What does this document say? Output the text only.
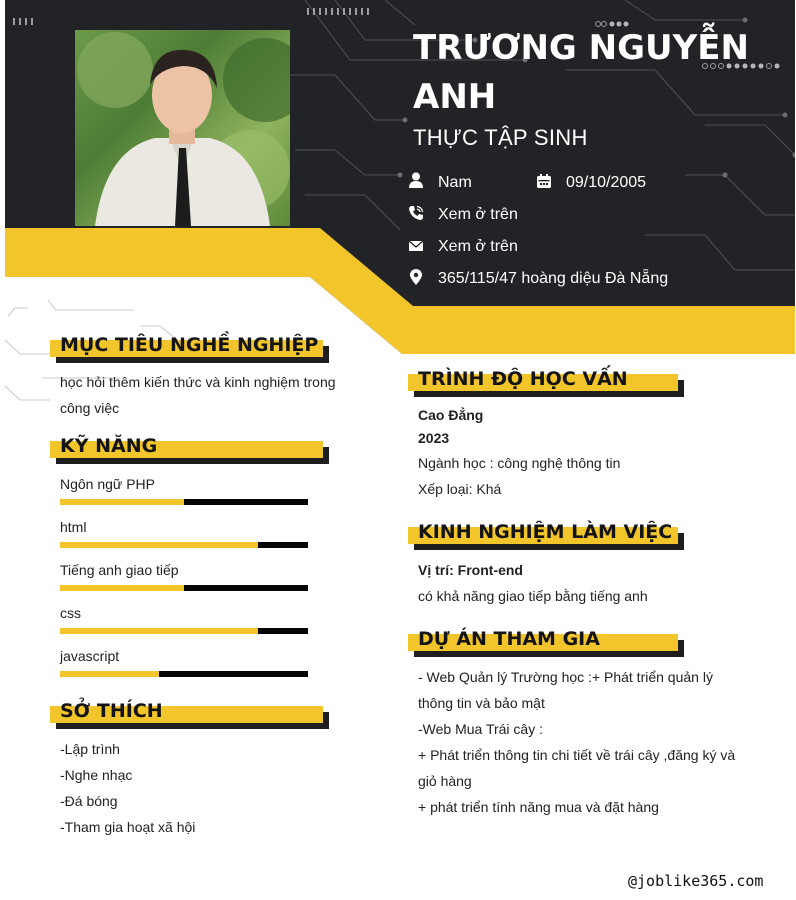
TRƯƠNG NGUYỄN ANH
THỰC TẬP SINH
Nam	09/10/2005
Xem ở trên
Xem ở trên
365/115/47 hoàng diệu Đà Nẵng
MỤC TIÊU NGHỀ NGHIỆP
học hỏi thêm kiến thức và kinh nghiệm trong công việc
KỸ NĂNG
Ngôn ngữ PHP
html
Tiếng anh giao tiếp
css
javascript
SỞ THÍCH
-Lập trình
-Nghe nhạc
-Đá bóng
-Tham gia hoạt xã hội
TRÌNH ĐỘ HỌC VẤN
Cao Đẳng
2023
Ngành học : công nghệ thông tin
Xếp loại: Khá
KINH NGHIỆM LÀM VIỆC
Vị trí: Front-end
có khả năng giao tiếp bằng tiếng anh
DỰ ÁN THAM GIA
- Web Quản lý Trường học :+ Phát triển quản lý thông tin và bảo mật
-Web Mua Trái cây :
+ Phát triển thông tin chi tiết về trái cây ,đăng ký và giỏ hàng
+ phát triển tính năng mua và đặt hàng
@joblike365.com
